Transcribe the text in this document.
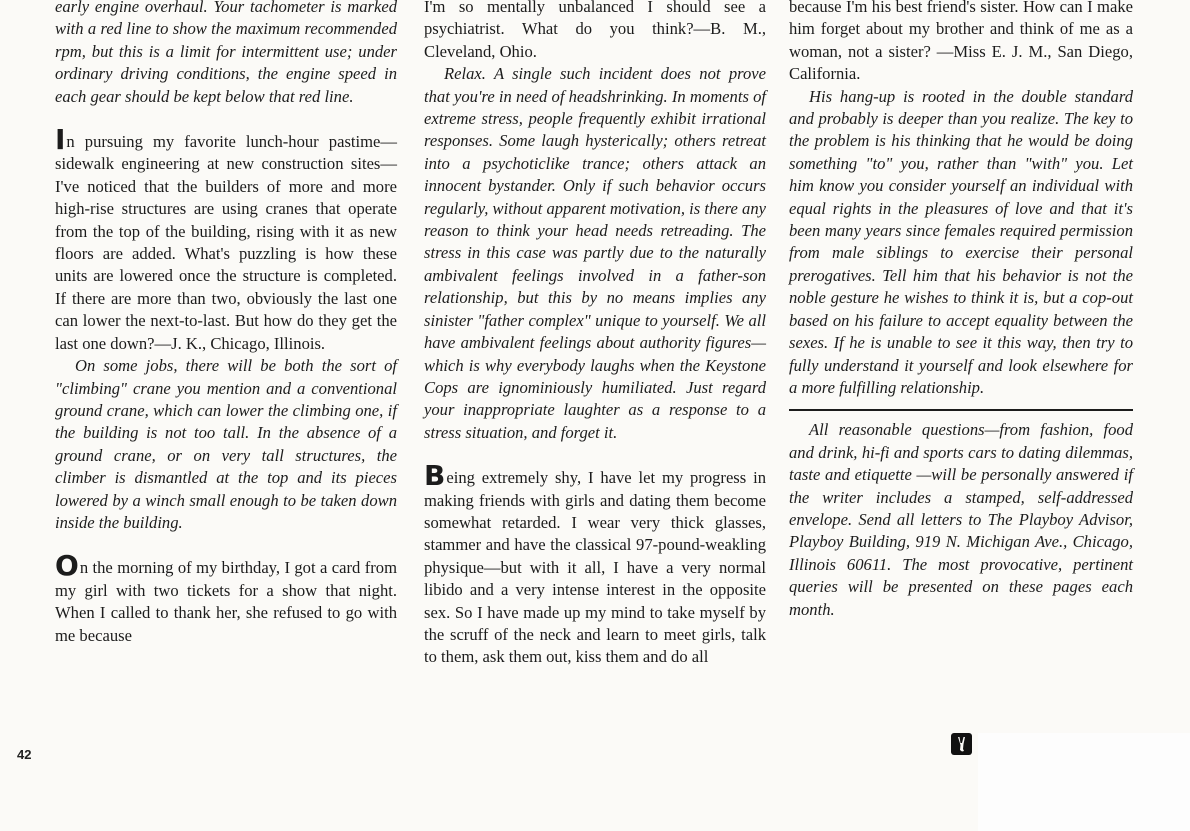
early engine overhaul. Your tachometer is marked with a red line to show the maximum recommended rpm, but this is a limit for intermittent use; under ordinary driving conditions, the engine speed in each gear should be kept below that red line.

In pursuing my favorite lunch-hour pastime—sidewalk engineering at new construction sites—I've noticed that the builders of more and more high-rise structures are using cranes that operate from the top of the building, rising with it as new floors are added. What's puzzling is how these units are lowered once the structure is completed. If there are more than two, obviously the last one can lower the next-to-last. But how do they get the last one down?—J. K., Chicago, Illinois.

On some jobs, there will be both the sort of "climbing" crane you mention and a conventional ground crane, which can lower the climbing one, if the building is not too tall. In the absence of a ground crane, or on very tall structures, the climber is dismantled at the top and its pieces lowered by a winch small enough to be taken down inside the building.

On the morning of my birthday, I got a card from my girl with two tickets for a show that night. When I called to thank her, she refused to go with me because

I'm so mentally unbalanced I should see a psychiatrist. What do you think?—B. M., Cleveland, Ohio.

Relax. A single such incident does not prove that you're in need of headshrinking. In moments of extreme stress, people frequently exhibit irrational responses. Some laugh hysterically; others retreat into a psychoticlike trance; others attack an innocent bystander. Only if such behavior occurs regularly, without apparent motivation, is there any reason to think your head needs retreading. The stress in this case was partly due to the naturally ambivalent feelings involved in a father-son relationship, but this by no means implies any sinister "father complex" unique to yourself. We all have ambivalent feelings about authority figures—which is why everybody laughs when the Keystone Cops are ignominiously humiliated. Just regard your inappropriate laughter as a response to a stress situation, and forget it.

Being extremely shy, I have let my progress in making friends with girls and dating them become somewhat retarded. I wear very thick glasses, stammer and have the classical 97-pound-weakling physique—but with it all, I have a very normal libido and a very intense interest in the opposite sex. So I have made up my mind to take myself by the scruff of the neck and learn to meet girls, talk to them, ask them out, kiss them and do all

because I'm his best friend's sister. How can I make him forget about my brother and think of me as a woman, not a sister? —Miss E. J. M., San Diego, California.

His hang-up is rooted in the double standard and probably is deeper than you realize. The key to the problem is his thinking that he would be doing something "to" you, rather than "with" you. Let him know you consider yourself an individual with equal rights in the pleasures of love and that it's been many years since females required permission from male siblings to exercise their personal prerogatives. Tell him that his behavior is not the noble gesture he wishes to think it is, but a cop-out based on his failure to accept equality between the sexes. If he is unable to see it this way, then try to fully understand it yourself and look elsewhere for a more fulfilling relationship.

All reasonable questions—from fashion, food and drink, hi-fi and sports cars to dating dilemmas, taste and etiquette —will be personally answered if the writer includes a stamped, self-addressed envelope. Send all letters to The Playboy Advisor, Playboy Building, 919 N. Michigan Ave., Chicago, Illinois 60611. The most provocative, pertinent queries will be presented on these pages each month.

42
